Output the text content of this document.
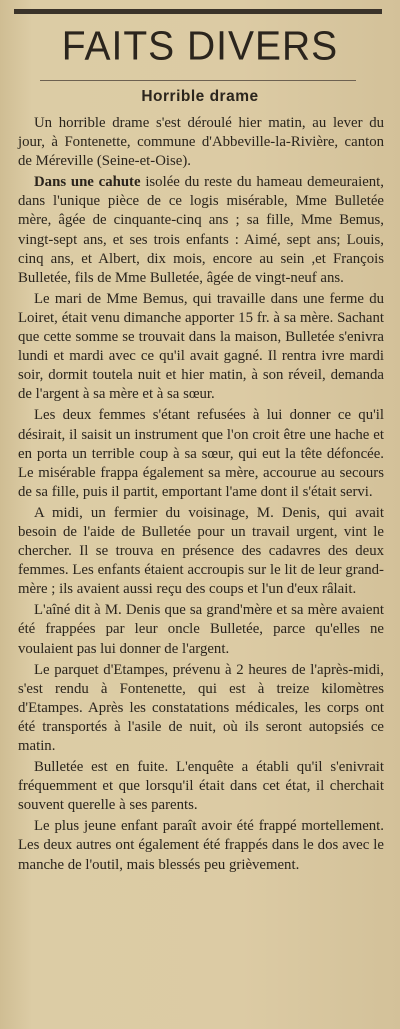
FAITS DIVERS
Horrible drame

Un horrible drame s'est déroulé hier matin, au lever du jour, à Fontenette, commune d'Abbeville-la-Rivière, canton de Méreville (Seine-et-Oise).

Dans une cahute isolée du reste du hameau demeuraient, dans l'unique pièce de ce logis misérable, Mme Bulletée mère, âgée de cinquante-cinq ans ; sa fille, Mme Bemus, vingt-sept ans, et ses trois enfants : Aimé, sept ans; Louis, cinq ans, et Albert, dix mois, encore au sein ,et François Bulletée, fils de Mme Bulletée, âgée de vingt-neuf ans.

Le mari de Mme Bemus, qui travaille dans une ferme du Loiret, était venu dimanche apporter 15 fr. à sa mère. Sachant que cette somme se trouvait dans la maison, Bulletée s'enivra lundi et mardi avec ce qu'il avait gagné. Il rentra ivre mardi soir, dormit toutela nuit et hier matin, à son réveil, demanda de l'argent à sa mère et à sa sœur.

Les deux femmes s'étant refusées à lui donner ce qu'il désirait, il saisit un instrument que l'on croit être une hache et en porta un terrible coup à sa sœur, qui eut la tête défoncée. Le misérable frappa également sa mère, accourue au secours de sa fille, puis il partit, emportant l'ame dont il s'était servi.

A midi, un fermier du voisinage, M. Denis, qui avait besoin de l'aide de Bulletée pour un travail urgent, vint le chercher. Il se trouva en présence des cadavres des deux femmes. Les enfants étaient accroupis sur le lit de leur grand-mère ; ils avaient aussi reçu des coups et l'un d'eux râlait.

L'aîné dit à M. Denis que sa grand'mère et sa mère avaient été frappées par leur oncle Bulletée, parce qu'elles ne voulaient pas lui donner de l'argent.

Le parquet d'Etampes, prévenu à 2 heures de l'après-midi, s'est rendu à Fontenette, qui est à treize kilomètres d'Etampes. Après les constatations médicales, les corps ont été transportés à l'asile de nuit, où ils seront autopsiés ce matin.

Bulletée est en fuite. L'enquête a établi qu'il s'enivrait fréquemment et que lorsqu'il était dans cet état, il cherchait souvent querelle à ses parents.

Le plus jeune enfant paraît avoir été frappé mortellement. Les deux autres ont également été frappés dans le dos avec le manche de l'outil, mais blessés peu grièvement.
